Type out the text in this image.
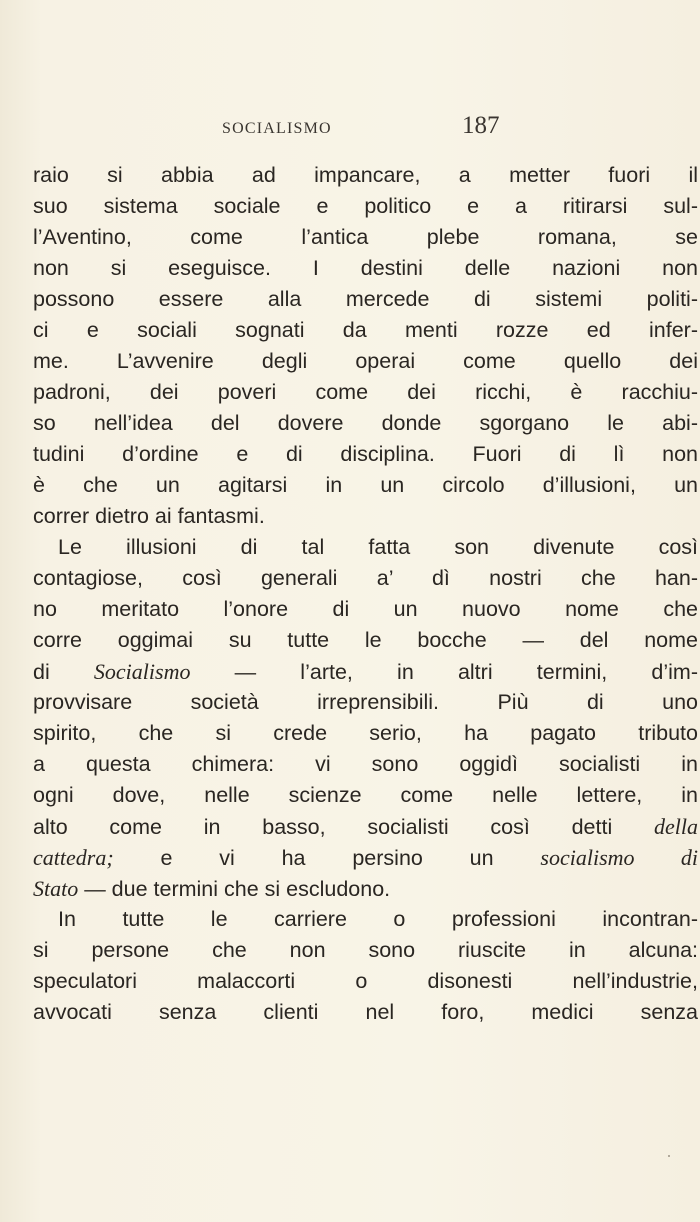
SOCIALISMO	187
raio si abbia ad impancare, a metter fuori il
suo sistema sociale e politico e a ritirarsi sul-
l’Aventino, come l’antica plebe romana, se
non si eseguisce. I destini delle nazioni non
possono essere alla mercede di sistemi politi-
ci e sociali sognati da menti rozze ed infer-
me. L’avvenire degli operai come quello dei
padroni, dei poveri come dei ricchi, è racchiu-
so nell’idea del dovere donde sgorgano le abi-
tudini d’ordine e di disciplina. Fuori di lì non
è che un agitarsi in un circolo d’illusioni, un
correr dietro ai fantasmi.
Le illusioni di tal fatta son divenute così
contagiose, così generali a’ dì nostri che han-
no meritato l’onore di un nuovo nome che
corre oggimai su tutte le bocche — del nome
di Socialismo — l’arte, in altri termini, d’im-
provvisare società irreprensibili. Più di uno
spirito, che si crede serio, ha pagato tributo
a questa chimera: vi sono oggidì socialisti in
ogni dove, nelle scienze come nelle lettere, in
alto come in basso, socialisti così detti della
cattedra; e vi ha persino un socialismo di
Stato — due termini che si escludono.
In tutte le carriere o professioni incontran-
si persone che non sono riuscite in alcuna:
speculatori malaccorti o disonesti nell’industrie,
avvocati senza clienti nel foro, medici senza
